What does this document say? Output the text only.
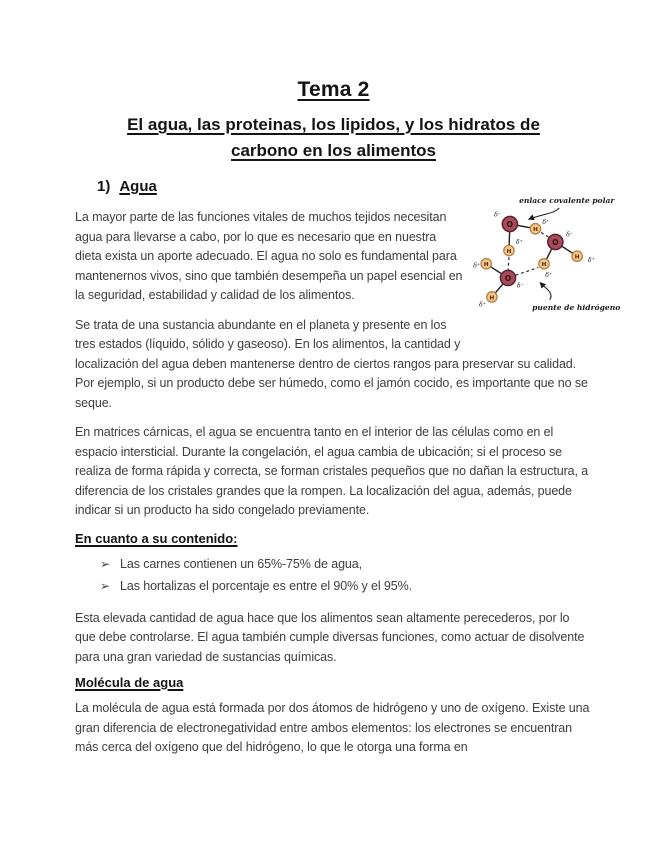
Tema 2
El agua, las proteinas, los lipidos, y los hidratos de
carbono en los alimentos
1) Agua
enlace covalente polar
O
H
H
δ⁻
δ⁺
δ⁺	O
H
H
δ⁻
δ⁺
δ⁺
O
H
H
δ⁻
δ⁺
δ⁺	puente de hidrógeno

La mayor parte de las funciones vitales de muchos tejidos necesitan agua para llevarse a cabo, por lo que es necesario que en nuestra dieta exista un aporte adecuado. El agua no solo es fundamental para mantenernos vivos, sino que también desempeña un papel esencial en la seguridad, estabilidad y calidad de los alimentos.

Se trata de una sustancia abundante en el planeta y presente en los tres estados (líquido, sólido y gaseoso). En los alimentos, la cantidad y localización del agua deben mantenerse dentro de ciertos rangos para preservar su calidad. Por ejemplo, si un producto debe ser húmedo, como el jamón cocido, es importante que no se seque.

En matrices cárnicas, el agua se encuentra tanto en el interior de las células como en el espacio intersticial. Durante la congelación, el agua cambia de ubicación; si el proceso se realiza de forma rápida y correcta, se forman cristales pequeños que no dañan la estructura, a diferencia de los cristales grandes que la rompen. La localización del agua, además, puede indicar si un producto ha sido congelado previamente.

En cuanto a su contenido:
➢ Las carnes contienen un 65%-75% de agua,
➢ Las hortalizas el porcentaje es entre el 90% y el 95%.

Esta elevada cantidad de agua hace que los alimentos sean altamente perecederos, por lo que debe controlarse. El agua también cumple diversas funciones, como actuar de disolvente para una gran variedad de sustancias químicas.

Molécula de agua

La molécula de agua está formada por dos átomos de hidrógeno y uno de oxígeno. Existe una gran diferencia de electronegatividad entre ambos elementos: los electrones se encuentran más cerca del oxígeno que del hidrógeno, lo que le otorga una forma en
